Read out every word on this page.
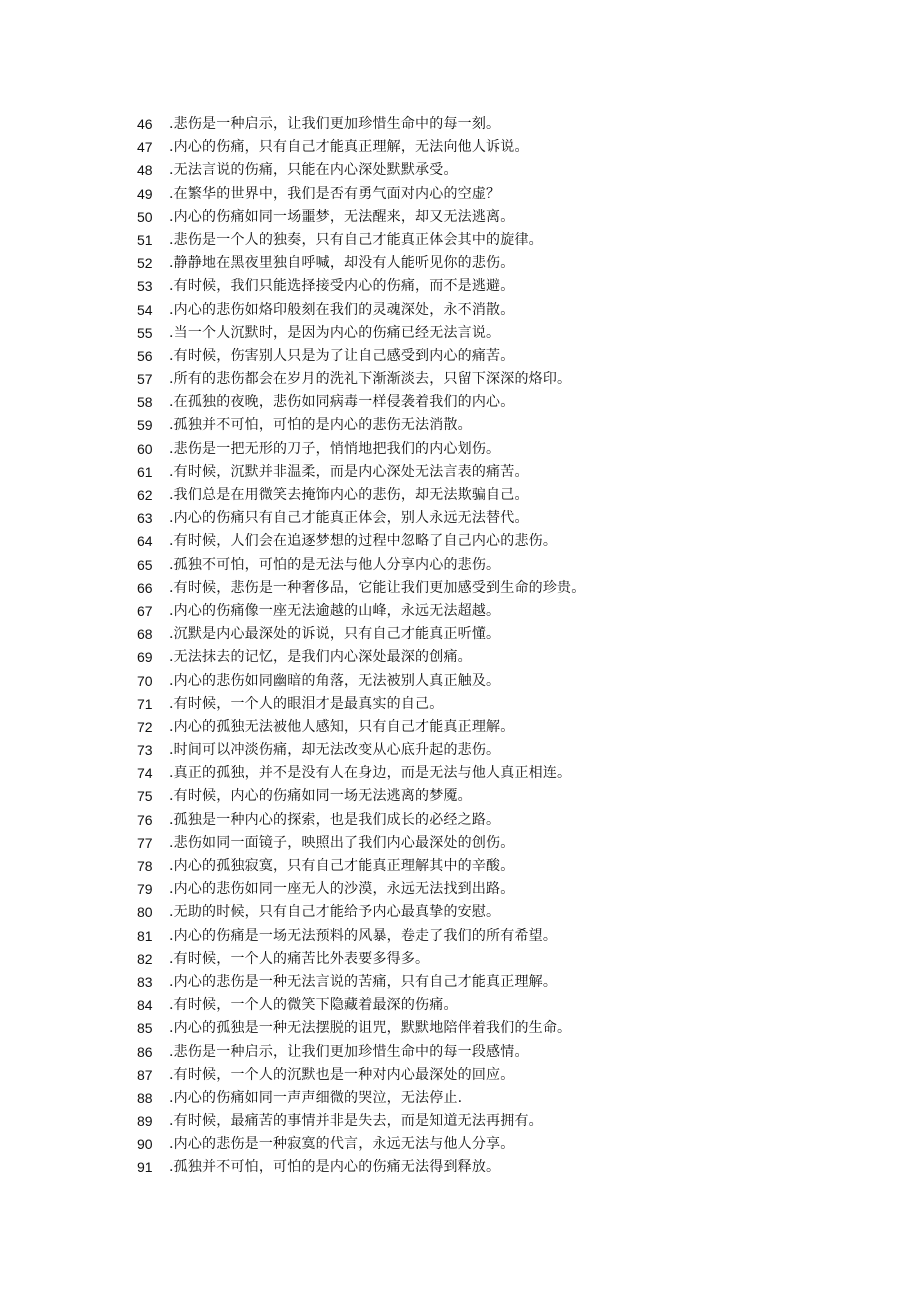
46	.悲伤是一种启示，让我们更加珍惜生命中的每一刻。
47	.内心的伤痛，只有自己才能真正理解，无法向他人诉说。
48	.无法言说的伤痛，只能在内心深处默默承受。
49	.在繁华的世界中，我们是否有勇气面对内心的空虚？
50	.内心的伤痛如同一场噩梦，无法醒来，却又无法逃离。
51	.悲伤是一个人的独奏，只有自己才能真正体会其中的旋律。
52	.静静地在黑夜里独自呼喊，却没有人能听见你的悲伤。
53	.有时候，我们只能选择接受内心的伤痛，而不是逃避。
54	.内心的悲伤如烙印般刻在我们的灵魂深处，永不消散。
55	.当一个人沉默时，是因为内心的伤痛已经无法言说。
56	.有时候，伤害别人只是为了让自己感受到内心的痛苦。
57	.所有的悲伤都会在岁月的洗礼下渐渐淡去，只留下深深的烙印。
58	.在孤独的夜晚，悲伤如同病毒一样侵袭着我们的内心。
59	.孤独并不可怕，可怕的是内心的悲伤无法消散。
60	.悲伤是一把无形的刀子，悄悄地把我们的内心划伤。
61	.有时候，沉默并非温柔，而是内心深处无法言表的痛苦。
62	.我们总是在用微笑去掩饰内心的悲伤，却无法欺骗自己。
63	.内心的伤痛只有自己才能真正体会，别人永远无法替代。
64	.有时候，人们会在追逐梦想的过程中忽略了自己内心的悲伤。
65	.孤独不可怕，可怕的是无法与他人分享内心的悲伤。
66	.有时候，悲伤是一种奢侈品，它能让我们更加感受到生命的珍贵。
67	.内心的伤痛像一座无法逾越的山峰，永远无法超越。
68	.沉默是内心最深处的诉说，只有自己才能真正听懂。
69	.无法抹去的记忆，是我们内心深处最深的创痛。
70	.内心的悲伤如同幽暗的角落，无法被别人真正触及。
71	.有时候，一个人的眼泪才是最真实的自己。
72	.内心的孤独无法被他人感知，只有自己才能真正理解。
73	.时间可以冲淡伤痛，却无法改变从心底升起的悲伤。
74	.真正的孤独，并不是没有人在身边，而是无法与他人真正相连。
75	.有时候，内心的伤痛如同一场无法逃离的梦魇。
76	.孤独是一种内心的探索，也是我们成长的必经之路。
77	.悲伤如同一面镜子，映照出了我们内心最深处的创伤。
78	.内心的孤独寂寞，只有自己才能真正理解其中的辛酸。
79	.内心的悲伤如同一座无人的沙漠，永远无法找到出路。
80	.无助的时候，只有自己才能给予内心最真挚的安慰。
81	.内心的伤痛是一场无法预料的风暴，卷走了我们的所有希望。
82	.有时候，一个人的痛苦比外表要多得多。
83	.内心的悲伤是一种无法言说的苦痛，只有自己才能真正理解。
84	.有时候，一个人的微笑下隐藏着最深的伤痛。
85	.内心的孤独是一种无法摆脱的诅咒，默默地陪伴着我们的生命。
86	.悲伤是一种启示，让我们更加珍惜生命中的每一段感情。
87	.有时候，一个人的沉默也是一种对内心最深处的回应。
88	.内心的伤痛如同一声声细微的哭泣，无法停止.
89	.有时候，最痛苦的事情并非是失去，而是知道无法再拥有。
90	.内心的悲伤是一种寂寞的代言，永远无法与他人分享。
91	.孤独并不可怕，可怕的是内心的伤痛无法得到释放。
